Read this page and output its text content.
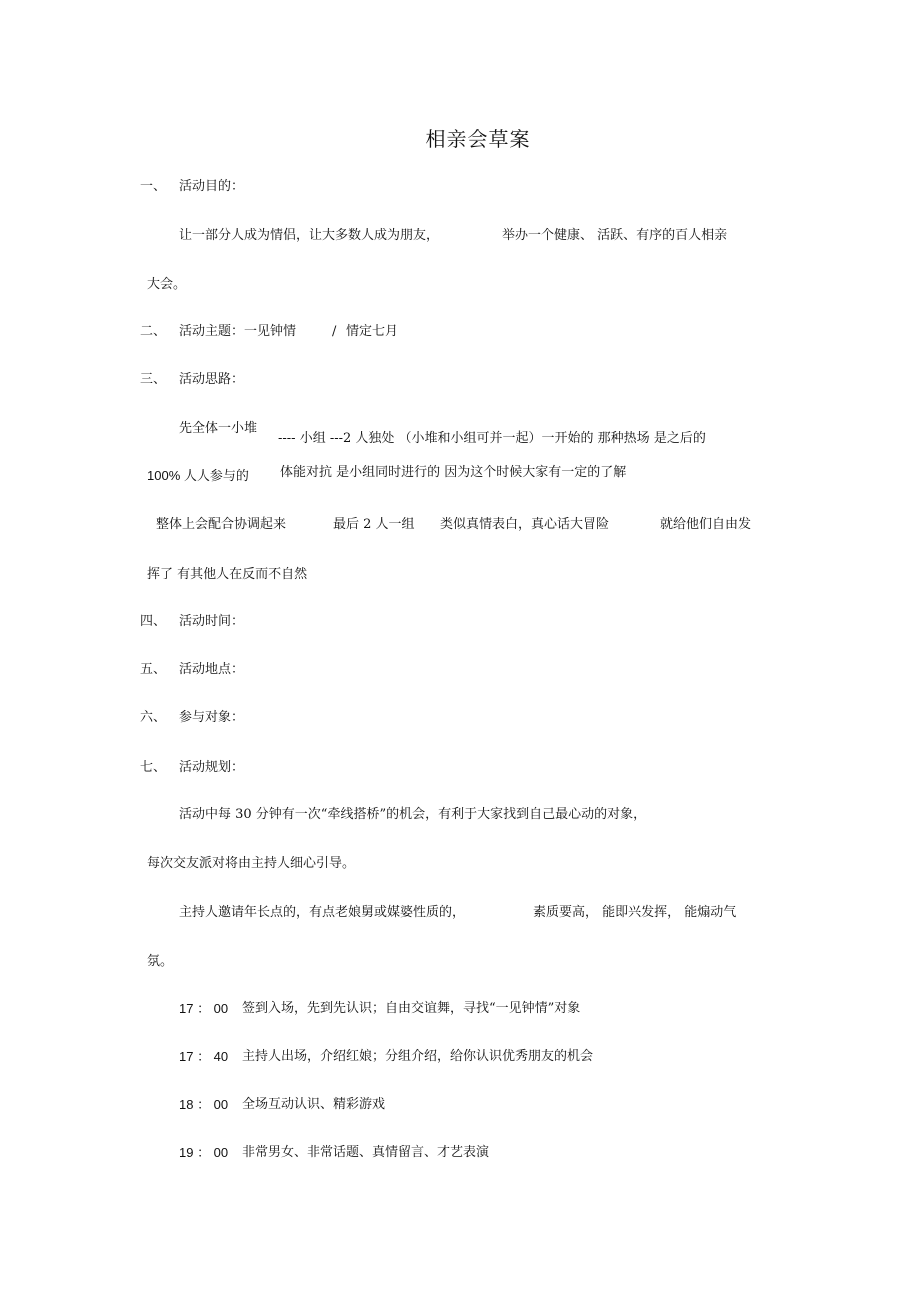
相亲会草案
一、 活动目的：
让一部分人成为情侣，让大多数人成为朋友，	举办一个健康、 活跃、有序的百人相亲
大会。
二、 活动主题：一见钟情	/ 情定七月
三、 活动思路：
先全体一小堆
100% 人人参与的
---- 小组 ---2 人独处 （小堆和小组可并一起）一开始的 那种热场 是之后的
体能对抗 是小组同时进行的 因为这个时候大家有一定的了解
整体上会配合协调起来	最后 2 人一组 类似真情表白，真心话大冒险	就给他们自由发
挥了 有其他人在反而不自然
四、 活动时间：
五、 活动地点：
六、 参与对象：
七、 活动规划：
活动中每 30 分钟有一次“牵线搭桥”的机会，有利于大家找到自己最心动的对象，
每次交友派对将由主持人细心引导。
主持人邀请年长点的，有点老娘舅或媒婆性质的，	素质要高， 能即兴发挥， 能煽动气
氛。
17 ： 00 签到入场，先到先认识；自由交谊舞，寻找“一见钟情”对象
17 ： 40 主持人出场，介绍红娘；分组介绍，给你认识优秀朋友的机会
18 ： 00 全场互动认识、精彩游戏
19 ： 00 非常男女、非常话题、真情留言、才艺表演
